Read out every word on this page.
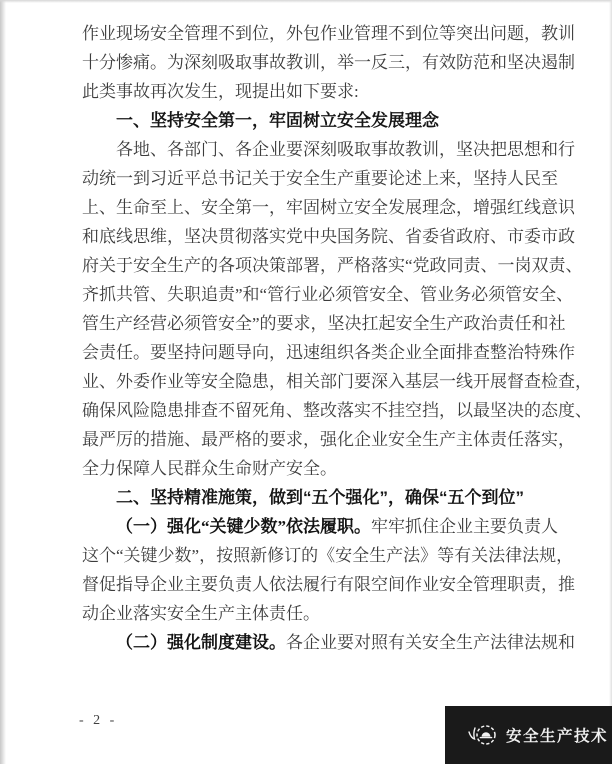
作业现场安全管理不到位，外包作业管理不到位等突出问题，教训
十分惨痛。为深刻吸取事故教训，举一反三，有效防范和坚决遏制
此类事故再次发生，现提出如下要求:
一、坚持安全第一，牢固树立安全发展理念
各地、各部门、各企业要深刻吸取事故教训，坚决把思想和行
动统一到习近平总书记关于安全生产重要论述上来，坚持人民至
上、生命至上、安全第一，牢固树立安全发展理念，增强红线意识
和底线思维，坚决贯彻落实党中央国务院、省委省政府、市委市政
府关于安全生产的各项决策部署，严格落实“党政同责、一岗双责、
齐抓共管、失职追责”和“管行业必须管安全、管业务必须管安全、
管生产经营必须管安全”的要求，坚决扛起安全生产政治责任和社
会责任。要坚持问题导向，迅速组织各类企业全面排查整治特殊作
业、外委作业等安全隐患，相关部门要深入基层一线开展督查检查，
确保风险隐患排查不留死角、整改落实不挂空挡，以最坚决的态度、
最严厉的措施、最严格的要求，强化企业安全生产主体责任落实，
全力保障人民群众生命财产安全。
二、坚持精准施策，做到“五个强化”，确保“五个到位”
（一）强化“关键少数”依法履职。牢牢抓住企业主要负责人
这个“关键少数”，按照新修订的《安全生产法》等有关法律法规，
督促指导企业主要负责人依法履行有限空间作业安全管理职责，推
动企业落实安全生产主体责任。
（二）强化制度建设。各企业要对照有关安全生产法律法规和
- 2 -
安全生产技术
